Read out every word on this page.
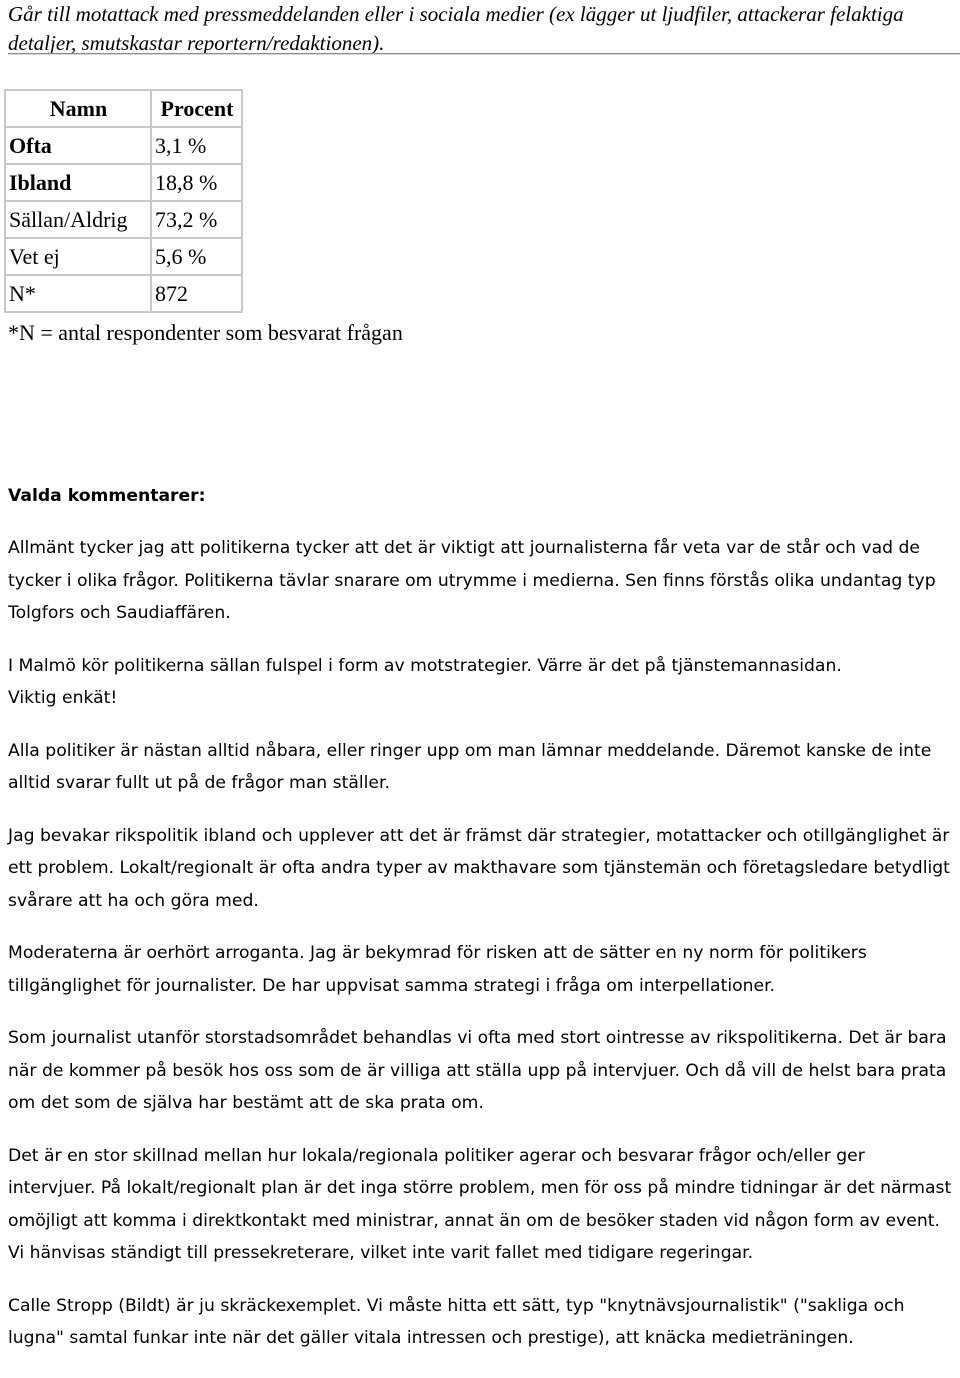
Går till motattack med pressmeddelanden eller i sociala medier (ex lägger ut ljudfiler, attackerar felaktiga detaljer, smutskastar reportern/redaktionen).

Namn	Procent
Ofta	3,1 %
Ibland	18,8 %
Sällan/Aldrig	73,2 %
Vet ej	5,6 %
N*	872

*N = antal respondenter som besvarat frågan

Valda kommentarer:

Allmänt tycker jag att politikerna tycker att det är viktigt att journalisterna får veta var de står och vad de tycker i olika frågor. Politikerna tävlar snarare om utrymme i medierna. Sen finns förstås olika undantag typ Tolgfors och Saudiaffären.

I Malmö kör politikerna sällan fulspel i form av motstrategier. Värre är det på tjänstemannasidan.

Viktig enkät!

Alla politiker är nästan alltid nåbara, eller ringer upp om man lämnar meddelande. Däremot kanske de inte alltid svarar fullt ut på de frågor man ställer.

Jag bevakar rikspolitik ibland och upplever att det är främst där strategier, motattacker och otillgänglighet är ett problem. Lokalt/regionalt är ofta andra typer av makthavare som tjänstemän och företagsledare betydligt svårare att ha och göra med.

Moderaterna är oerhört arroganta. Jag är bekymrad för risken att de sätter en ny norm för politikers tillgänglighet för journalister. De har uppvisat samma strategi i fråga om interpellationer.

Som journalist utanför storstadsområdet behandlas vi ofta med stort ointresse av rikspolitikerna. Det är bara när de kommer på besök hos oss som de är villiga att ställa upp på intervjuer. Och då vill de helst bara prata om det som de själva har bestämt att de ska prata om.

Det är en stor skillnad mellan hur lokala/regionala politiker agerar och besvarar frågor och/eller ger intervjuer. På lokalt/regionalt plan är det inga större problem, men för oss på mindre tidningar är det närmast omöjligt att komma i direktkontakt med ministrar, annat än om de besöker staden vid någon form av event. Vi hänvisas ständigt till pressekreterare, vilket inte varit fallet med tidigare regeringar.

Calle Stropp (Bildt) är ju skräckexemplet. Vi måste hitta ett sätt, typ "knytnävsjournalistik" ("sakliga och lugna" samtal funkar inte när det gäller vitala intressen och prestige), att knäcka medieträningen.
